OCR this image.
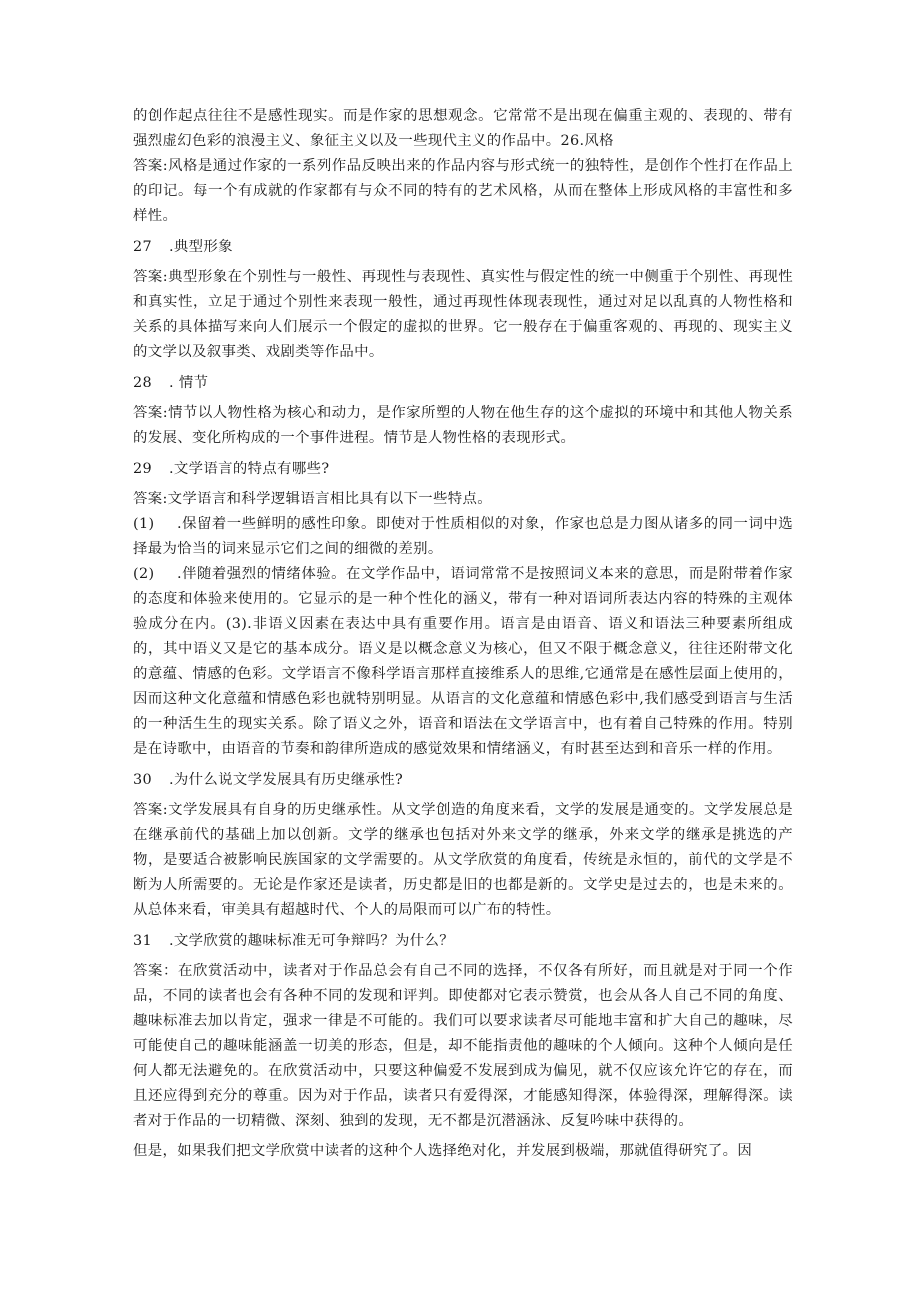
的创作起点往往不是感性现实。而是作家的思想观念。它常常不是出现在偏重主观的、表现的、带有强烈虚幻色彩的浪漫主义、象征主义以及一些现代主义的作品中。26.风格

答案:风格是通过作家的一系列作品反映出来的作品内容与形式统一的独特性，是创作个性打在作品上的印记。每一个有成就的作家都有与众不同的特有的艺术风格，从而在整体上形成风格的丰富性和多样性。

27 .典型形象

答案:典型形象在个别性与一般性、再现性与表现性、真实性与假定性的统一中侧重于个别性、再现性和真实性，立足于通过个别性来表现一般性，通过再现性体现表现性，通过对足以乱真的人物性格和关系的具体描写来向人们展示一个假定的虚拟的世界。它一般存在于偏重客观的、再现的、现实主义的文学以及叙事类、戏剧类等作品中。

28 . 情节

答案:情节以人物性格为核心和动力，是作家所塑的人物在他生存的这个虚拟的环境中和其他人物关系的发展、变化所构成的一个事件进程。情节是人物性格的表现形式。

29 .文学语言的特点有哪些?

答案:文学语言和科学逻辑语言相比具有以下一些特点。

(1) .保留着一些鲜明的感性印象。即使对于性质相似的对象，作家也总是力图从诸多的同一词中选择最为恰当的词来显示它们之间的细微的差别。

(2) .伴随着强烈的情绪体验。在文学作品中，语词常常不是按照词义本来的意思，而是附带着作家的态度和体验来使用的。它显示的是一种个性化的涵义，带有一种对语词所表达内容的特殊的主观体验成分在内。(3).非语义因素在表达中具有重要作用。语言是由语音、语义和语法三种要素所组成的，其中语义又是它的基本成分。语义是以概念意义为核心，但又不限于概念意义，往往还附带文化的意蕴、情感的色彩。文学语言不像科学语言那样直接维系人的思维,它通常是在感性层面上使用的，因而这种文化意蕴和情感色彩也就特别明显。从语言的文化意蕴和情感色彩中,我们感受到语言与生活的一种活生生的现实关系。除了语义之外，语音和语法在文学语言中，也有着自己特殊的作用。特别是在诗歌中，由语音的节奏和韵律所造成的感觉效果和情绪涵义，有时甚至达到和音乐一样的作用。

30 .为什么说文学发展具有历史继承性?

答案:文学发展具有自身的历史继承性。从文学创造的角度来看，文学的发展是通变的。文学发展总是在继承前代的基础上加以创新。文学的继承也包括对外来文学的继承，外来文学的继承是挑选的产物，是要适合被影响民族国家的文学需要的。从文学欣赏的角度看，传统是永恒的，前代的文学是不断为人所需要的。无论是作家还是读者，历史都是旧的也都是新的。文学史是过去的，也是未来的。从总体来看，审美具有超越时代、个人的局限而可以广布的特性。

31 .文学欣赏的趣味标准无可争辩吗？为什么？

答案：在欣赏活动中，读者对于作品总会有自己不同的选择，不仅各有所好，而且就是对于同一个作品，不同的读者也会有各种不同的发现和评判。即使都对它表示赞赏，也会从各人自己不同的角度、趣味标准去加以肯定，强求一律是不可能的。我们可以要求读者尽可能地丰富和扩大自己的趣味，尽可能使自己的趣味能涵盖一切美的形态，但是，却不能指责他的趣味的个人倾向。这种个人倾向是任何人都无法避免的。在欣赏活动中，只要这种偏爱不发展到成为偏见，就不仅应该允许它的存在，而且还应得到充分的尊重。因为对于作品，读者只有爱得深，才能感知得深，体验得深，理解得深。读者对于作品的一切精微、深刻、独到的发现，无不都是沉潜涵泳、反复吟味中获得的。

但是，如果我们把文学欣赏中读者的这种个人选择绝对化，并发展到极端，那就值得研究了。因
